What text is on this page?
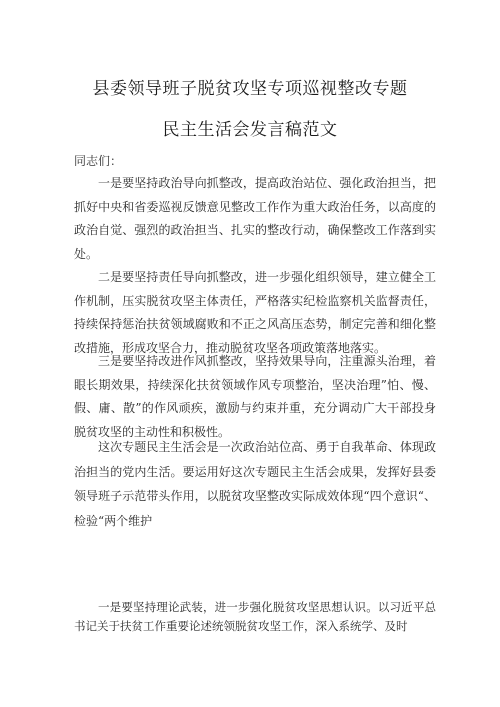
县委领导班子脱贫攻坚专项巡视整改专题
民主生活会发言稿范文
同志们：

一是要坚持政治导向抓整改，提高政治站位、强化政治担当，把抓好中央和省委巡视反馈意见整改工作作为重大政治任务，以高度的政治自觉、强烈的政治担当、扎实的整改行动，确保整改工作落到实处。

二是要坚持责任导向抓整改，进一步强化组织领导，建立健全工作机制，压实脱贫攻坚主体责任，严格落实纪检监察机关监督责任，持续保持惩治扶贫领域腐败和不正之风高压态势，制定完善和细化整改措施，形成攻坚合力，推动脱贫攻坚各项政策落地落实。

三是要坚持改进作风抓整改，坚持效果导向，注重源头治理，着眼长期效果，持续深化扶贫领域作风专项整治，坚决治理”怕、慢、假、庸、散”的作风顽疾，激励与约束并重，充分调动广大干部投身脱贫攻坚的主动性和积极性。

这次专题民主生活会是一次政治站位高、勇于自我革命、体现政治担当的党内生活。要运用好这次专题民主生活会成果，发挥好县委领导班子示范带头作用，以脱贫攻坚整改实际成效体现“四个意识“、检验“两个维护

一是要坚持理论武装，进一步强化脱贫攻坚思想认识。以习近平总书记关于扶贫工作重要论述统领脱贫攻坚工作，深入系统学、及时
